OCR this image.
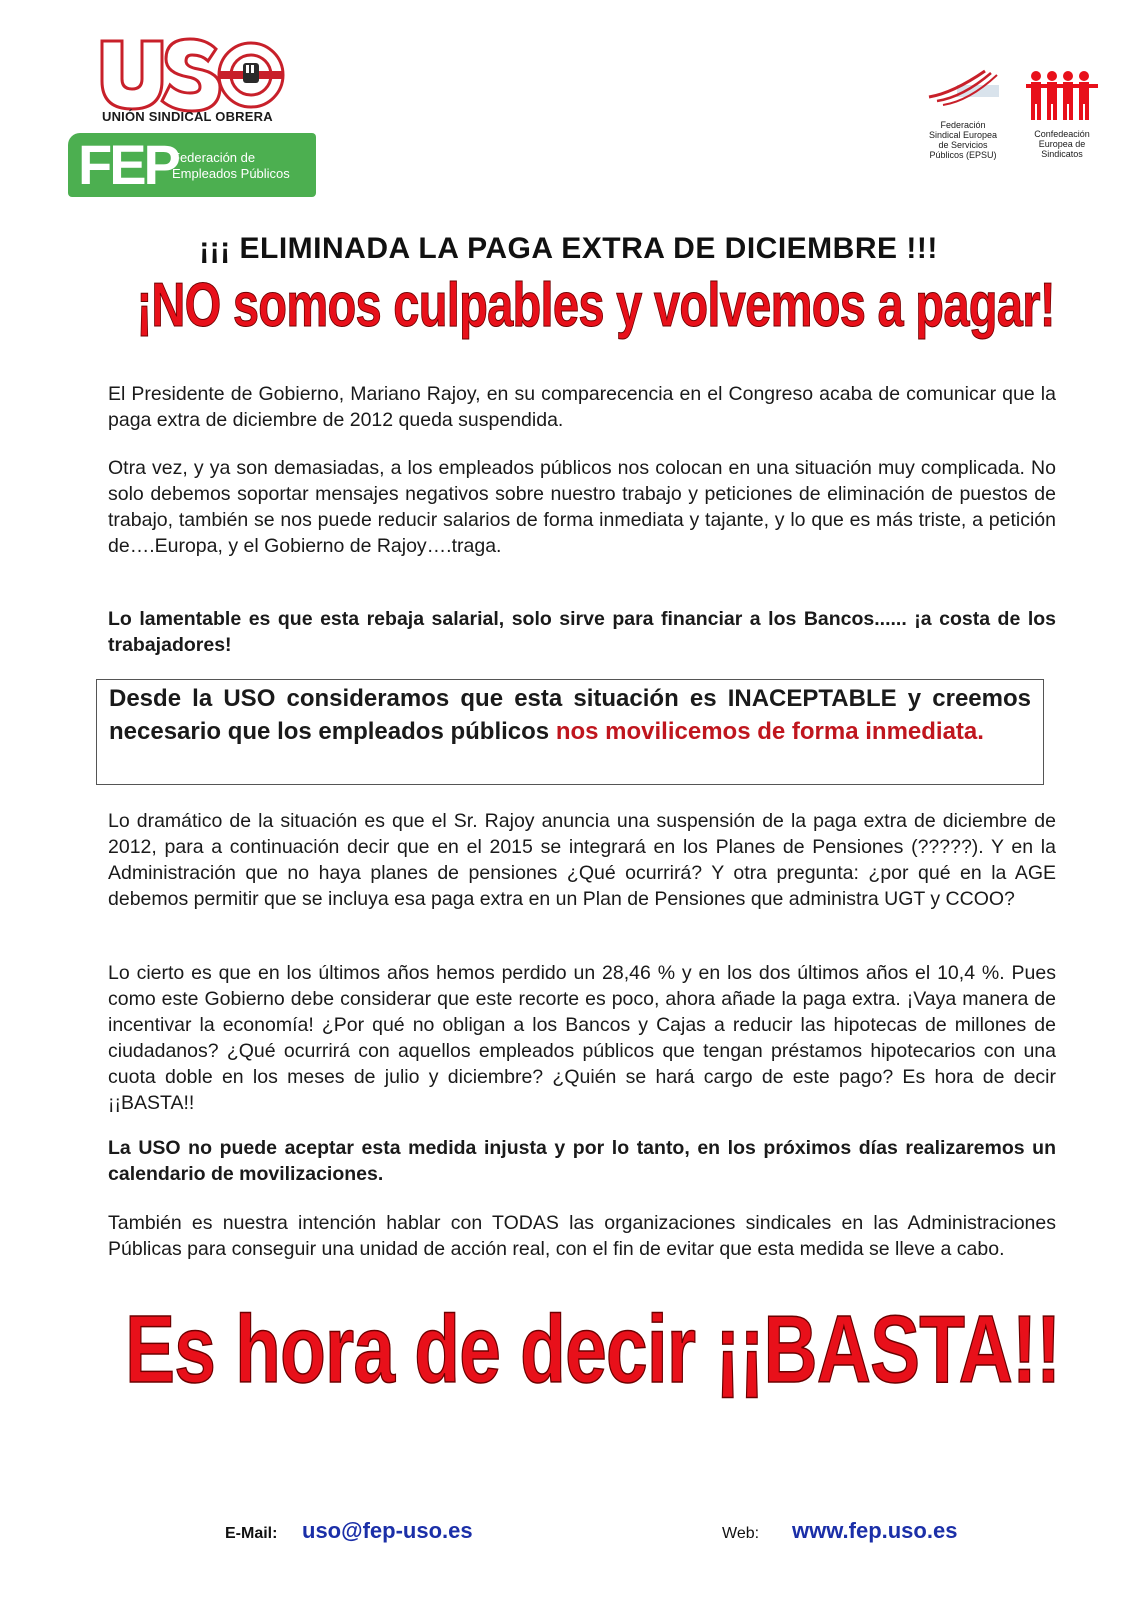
UNIÓN SINDICAL OBRERA
FEP
Federación de
Empleados Públicos
Federación
Sindical Europea
de Servicios
Públicos (EPSU)
Confedeación
Europea de
Sindicatos
¡¡¡ ELIMINADA LA PAGA EXTRA DE DICIEMBRE !!!
¡NO somos culpables y volvemos a pagar!
El Presidente de Gobierno, Mariano Rajoy, en su comparecencia en el Congreso acaba de comunicar que la paga extra de diciembre de 2012 queda suspendida.
Otra vez, y ya son demasiadas, a los empleados públicos nos colocan en una situación muy complicada. No solo debemos soportar mensajes negativos sobre nuestro trabajo y peticiones de eliminación de puestos de trabajo, también se nos puede reducir salarios de forma inmediata y tajante, y lo que es más triste, a petición de….Europa, y el Gobierno de Rajoy….traga.
Lo lamentable es que esta rebaja salarial, solo sirve para financiar a los Bancos...... ¡a costa de los trabajadores!
Desde la USO consideramos que esta situación es INACEPTABLE y creemos necesario que los empleados públicos nos movilicemos de forma inmediata.
Lo dramático de la situación es que el Sr. Rajoy anuncia una suspensión de la paga extra de diciembre de 2012, para a continuación decir que en el 2015 se integrará en los Planes de Pensiones (?????). Y en la Administración que no haya planes de pensiones ¿Qué ocurrirá? Y otra pregunta: ¿por qué en la AGE debemos permitir que se incluya esa paga extra en un Plan de Pensiones que administra UGT y CCOO?
Lo cierto es que en los últimos años hemos perdido un 28,46 % y en los dos últimos años el 10,4 %. Pues como este Gobierno debe considerar que este recorte es poco, ahora añade la paga extra. ¡Vaya manera de incentivar la economía! ¿Por qué no obligan a los Bancos y Cajas a reducir las hipotecas de millones de ciudadanos? ¿Qué ocurrirá con aquellos empleados públicos que tengan préstamos hipotecarios con una cuota doble en los meses de julio y diciembre? ¿Quién se hará cargo de este pago? Es hora de decir ¡¡BASTA!!
La USO no puede aceptar esta medida injusta y por lo tanto, en los próximos días realizaremos un calendario de movilizaciones.
También es nuestra intención hablar con TODAS las organizaciones sindicales en las Administraciones Públicas para conseguir una unidad de acción real, con el fin de evitar que esta medida se lleve a cabo.
Es hora de decir ¡¡BASTA!!
E-Mail: uso@fep-uso.es	Web: www.fep.uso.es
